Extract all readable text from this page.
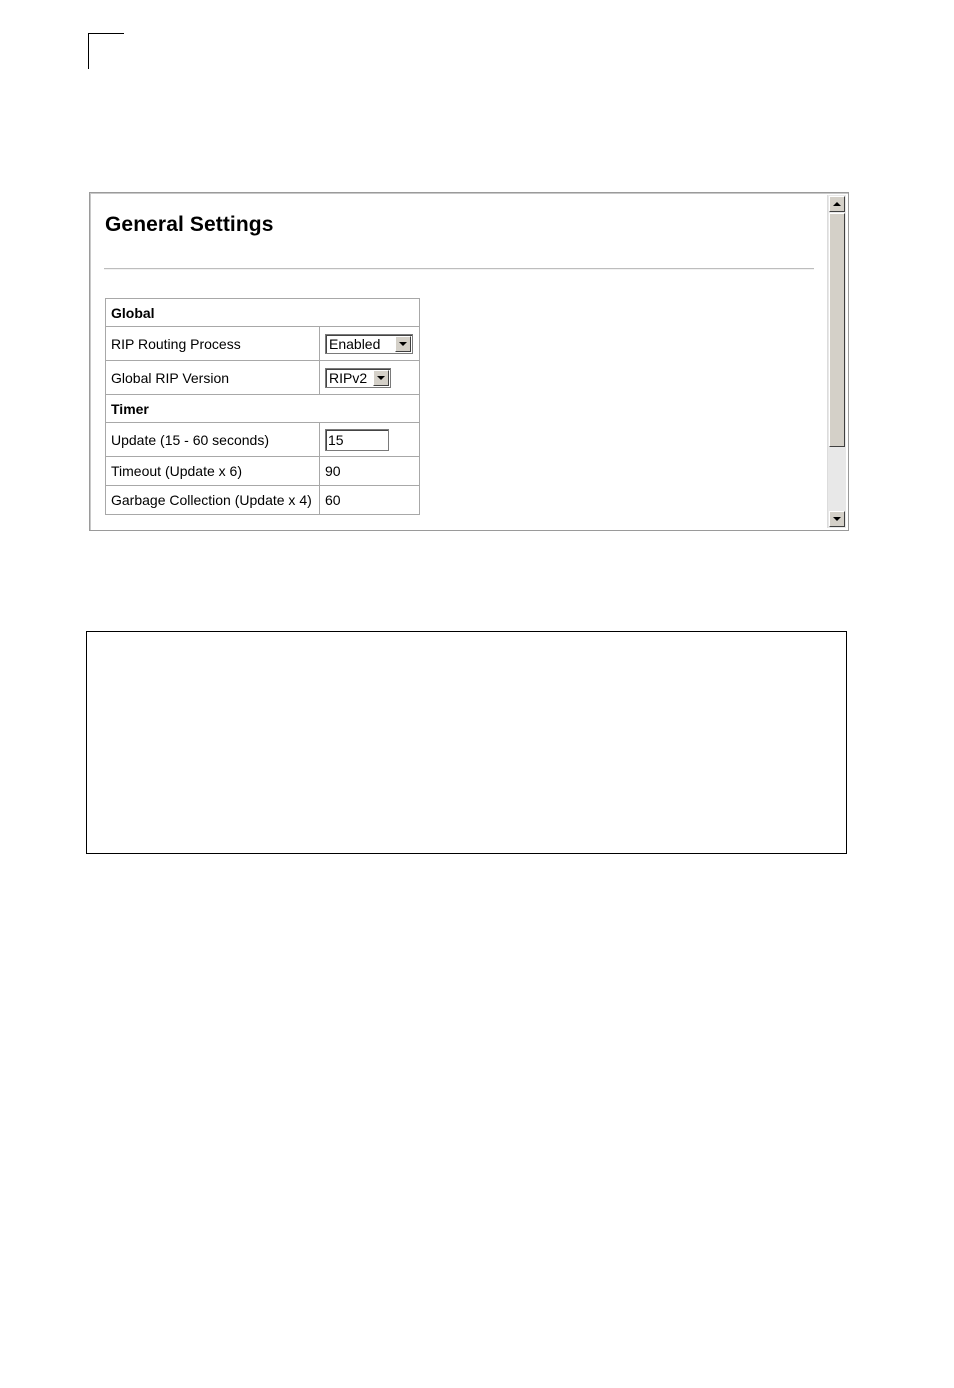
General Settings
Global	
RIP Routing Process	Enabled

Global RIP Version	RIPv2

Timer	
Update (15 - 60 seconds)	15
Timeout (Update x 6)	90
Garbage Collection (Update x 4)	60
